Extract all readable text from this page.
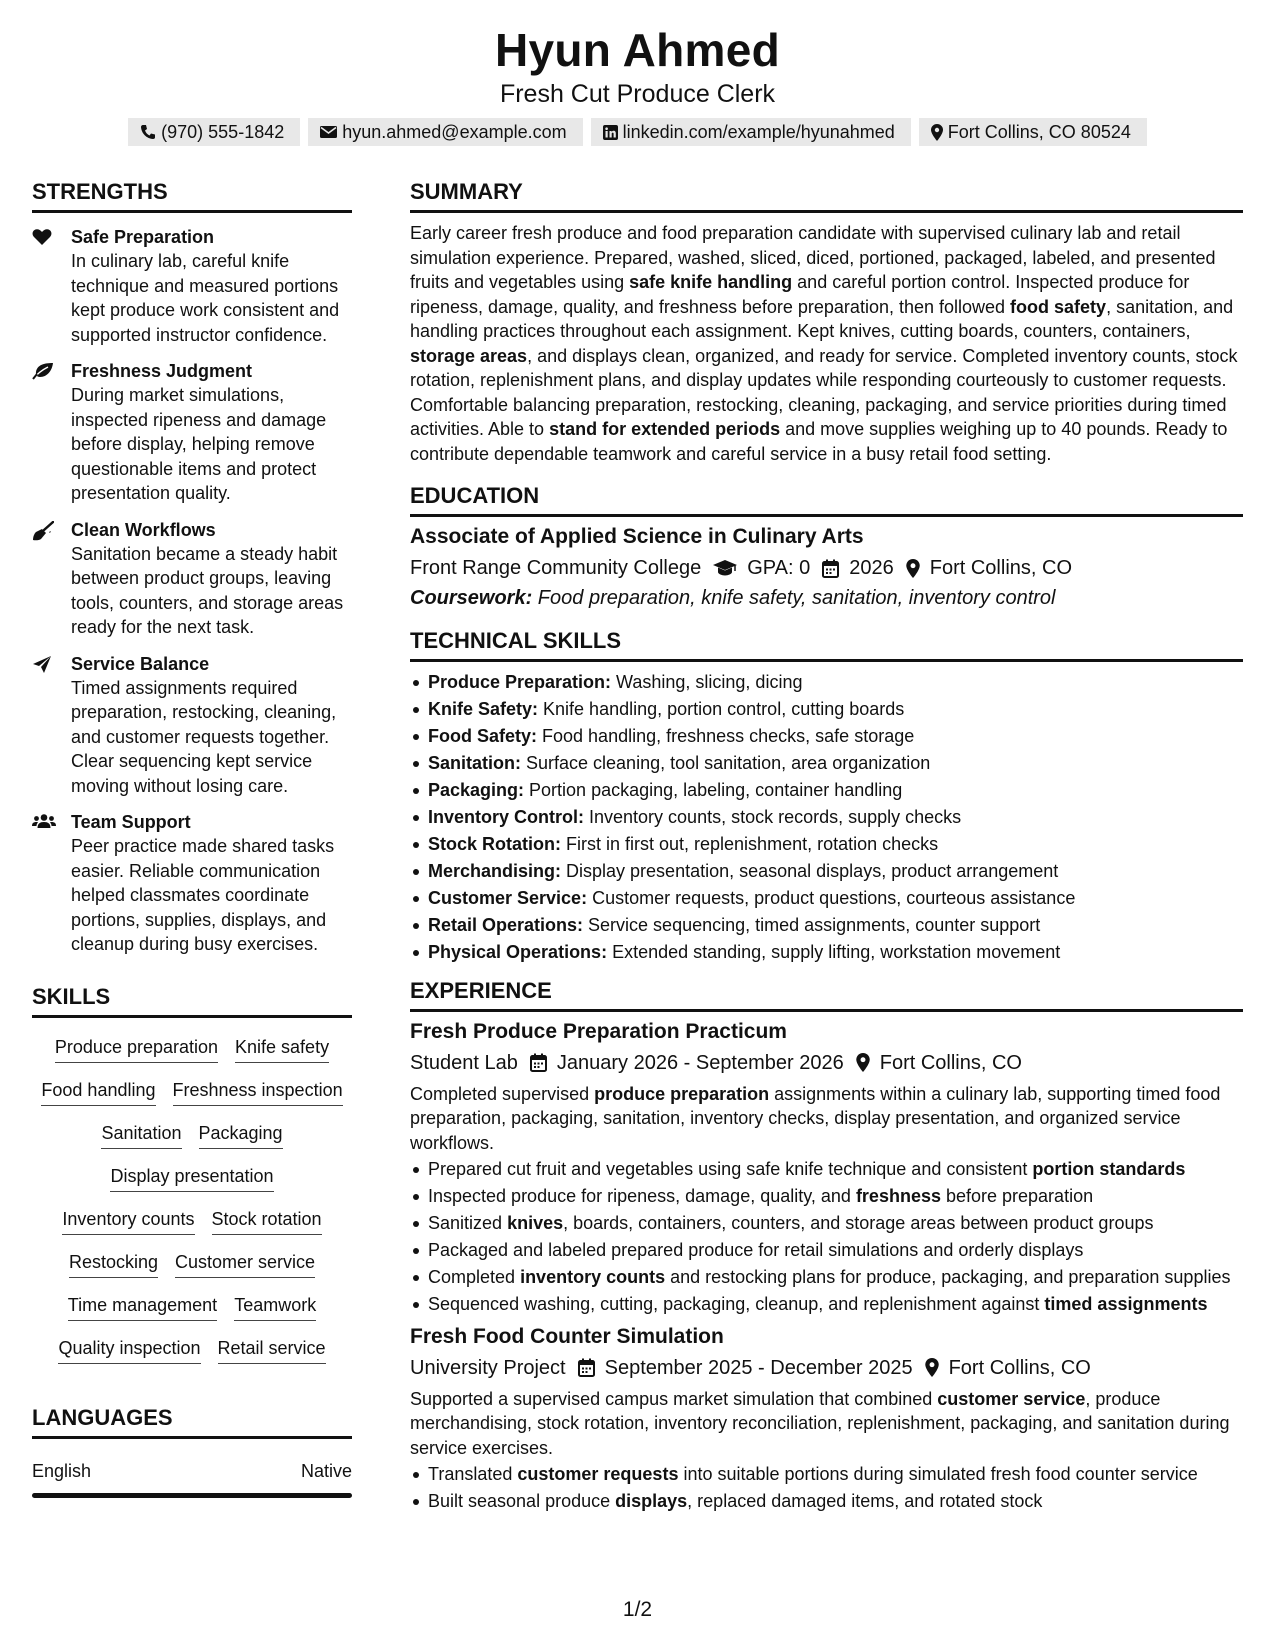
Hyun Ahmed
Fresh Cut Produce Clerk
(970) 555-1842	hyun.ahmed@example.com	linkedin.com/example/hyunahmed	Fort Collins, CO 80524
STRENGTHS
Safe Preparation
In culinary lab, careful knife technique and measured portions kept produce work consistent and supported instructor confidence.
Freshness Judgment
During market simulations, inspected ripeness and damage before display, helping remove questionable items and protect presentation quality.
Clean Workflows
Sanitation became a steady habit between product groups, leaving tools, counters, and storage areas ready for the next task.
Service Balance
Timed assignments required preparation, restocking, cleaning, and customer requests together. Clear sequencing kept service moving without losing care.
Team Support
Peer practice made shared tasks easier. Reliable communication helped classmates coordinate portions, supplies, displays, and cleanup during busy exercises.
SKILLS
Produce preparation Knife safety
Food handling Freshness inspection
Sanitation Packaging
Display presentation
Inventory counts Stock rotation
Restocking Customer service
Time management Teamwork
Quality inspection Retail service
LANGUAGES
English	Native
SUMMARY
Early career fresh produce and food preparation candidate with supervised culinary lab and retail simulation experience. Prepared, washed, sliced, diced, portioned, packaged, labeled, and presented fruits and vegetables using safe knife handling and careful portion control. Inspected produce for ripeness, damage, quality, and freshness before preparation, then followed food safety, sanitation, and handling practices throughout each assignment. Kept knives, cutting boards, counters, containers, storage areas, and displays clean, organized, and ready for service. Completed inventory counts, stock rotation, replenishment plans, and display updates while responding courteously to customer requests. Comfortable balancing preparation, restocking, cleaning, packaging, and service priorities during timed activities. Able to stand for extended periods and move supplies weighing up to 40 pounds. Ready to contribute dependable teamwork and careful service in a busy retail food setting.
EDUCATION
Associate of Applied Science in Culinary Arts
Front Range Community College GPA: 0 2026 Fort Collins, CO
Coursework: Food preparation, knife safety, sanitation, inventory control
TECHNICAL SKILLS
Produce Preparation: Washing, slicing, dicing
Knife Safety: Knife handling, portion control, cutting boards
Food Safety: Food handling, freshness checks, safe storage
Sanitation: Surface cleaning, tool sanitation, area organization
Packaging: Portion packaging, labeling, container handling
Inventory Control: Inventory counts, stock records, supply checks
Stock Rotation: First in first out, replenishment, rotation checks
Merchandising: Display presentation, seasonal displays, product arrangement
Customer Service: Customer requests, product questions, courteous assistance
Retail Operations: Service sequencing, timed assignments, counter support
Physical Operations: Extended standing, supply lifting, workstation movement
EXPERIENCE
Fresh Produce Preparation Practicum
Student Lab January 2026 - September 2026 Fort Collins, CO
Completed supervised produce preparation assignments within a culinary lab, supporting timed food preparation, packaging, sanitation, inventory checks, display presentation, and organized service workflows.
Prepared cut fruit and vegetables using safe knife technique and consistent portion standards
Inspected produce for ripeness, damage, quality, and freshness before preparation
Sanitized knives, boards, containers, counters, and storage areas between product groups
Packaged and labeled prepared produce for retail simulations and orderly displays
Completed inventory counts and restocking plans for produce, packaging, and preparation supplies
Sequenced washing, cutting, packaging, cleanup, and replenishment against timed assignments
Fresh Food Counter Simulation
University Project September 2025 - December 2025 Fort Collins, CO
Supported a supervised campus market simulation that combined customer service, produce merchandising, stock rotation, inventory reconciliation, replenishment, packaging, and sanitation during service exercises.
Translated customer requests into suitable portions during simulated fresh food counter service
Built seasonal produce displays, replaced damaged items, and rotated stock
1/2
